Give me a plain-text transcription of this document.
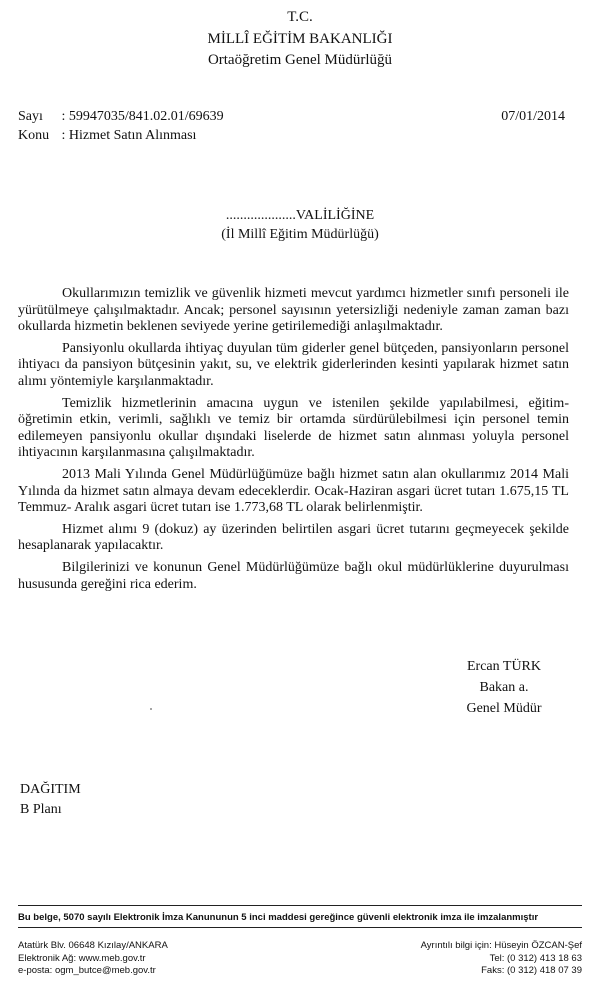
T.C.
MİLLÎ EĞİTİM BAKANLIĞI
Ortaöğretim Genel Müdürlüğü
Sayı : 59947035/841.02.01/69639	07/01/2014
Konu : Hizmet Satın Alınması
....................VALİLİĞİNE
(İl Millî Eğitim Müdürlüğü)

Okullarımızın temizlik ve güvenlik hizmeti mevcut yardımcı hizmetler sınıfı personeli ile yürütülmeye çalışılmaktadır. Ancak; personel sayısının yetersizliği nedeniyle zaman zaman bazı okullarda hizmetin beklenen seviyede yerine getirilemediği anlaşılmaktadır.

Pansiyonlu okullarda ihtiyaç duyulan tüm giderler genel bütçeden, pansiyonların personel ihtiyacı da pansiyon bütçesinin yakıt, su, ve elektrik giderlerinden kesinti yapılarak hizmet satın alımı yöntemiyle karşılanmaktadır.

Temizlik hizmetlerinin amacına uygun ve istenilen şekilde yapılabilmesi, eğitim-öğretimin etkin, verimli, sağlıklı ve temiz bir ortamda sürdürülebilmesi için personel temin edilemeyen pansiyonlu okullar dışındaki liselerde de hizmet satın alınması yoluyla personel ihtiyacının karşılanmasına çalışılmaktadır.

2013 Mali Yılında Genel Müdürlüğümüze bağlı hizmet satın alan okullarımız 2014 Mali Yılında da hizmet satın almaya devam edeceklerdir. Ocak-Haziran asgari ücret tutarı 1.675,15 TL Temmuz- Aralık asgari ücret tutarı ise 1.773,68 TL olarak belirlenmiştir.

Hizmet alımı 9 (dokuz) ay üzerinden belirtilen asgari ücret tutarını geçmeyecek şekilde hesaplanarak yapılacaktır.

Bilgilerinizi ve konunun Genel Müdürlüğümüze bağlı okul müdürlüklerine duyurulması hususunda gereğini rica ederim.

Ercan TÜRK
Bakan a.
Genel Müdür
DAĞITIM
B Planı
Bu belge, 5070 sayılı Elektronik İmza Kanununun 5 inci maddesi gereğince güvenli elektronik imza ile imzalanmıştır
Atatürk Blv. 06648 Kızılay/ANKARA
Elektronik Ağ: www.meb.gov.tr
e-posta: ogm_butce@meb.gov.tr
Ayrıntılı bilgi için: Hüseyin ÖZCAN-Şef
Tel: (0 312) 413 18 63
Faks: (0 312) 418 07 39
